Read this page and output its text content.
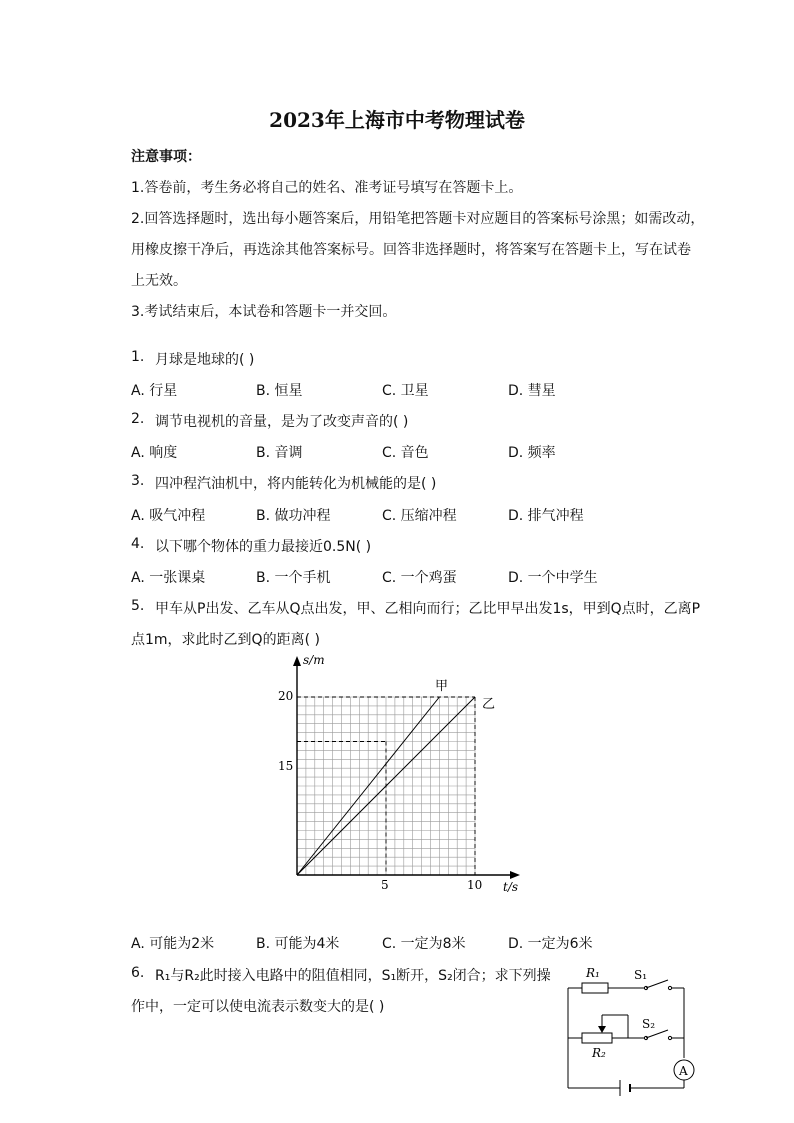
2023年上海市中考物理试卷
注意事项：
1.答卷前，考生务必将自己的姓名、准考证号填写在答题卡上。
2.回答选择题时，选出每小题答案后，用铅笔把答题卡对应题目的答案标号涂黑；如需改动，
用橡皮擦干净后，再选涂其他答案标号。回答非选择题时，将答案写在答题卡上，写在试卷
上无效。
3.考试结束后，本试卷和答题卡一并交回。
1. 月球是地球的( )
A. 行星	B. 恒星	C. 卫星	D. 彗星
2. 调节电视机的音量，是为了改变声音的( )
A. 响度	B. 音调	C. 音色	D. 频率
3. 四冲程汽油机中，将内能转化为机械能的是( )
A. 吸气冲程	B. 做功冲程	C. 压缩冲程	D. 排气冲程
4. 以下哪个物体的重力最接近0.5N( )
A. 一张课桌	B. 一个手机	C. 一个鸡蛋	D. 一个中学生
5. 甲车从P出发、乙车从Q点出发，甲、乙相向而行；乙比甲早出发1s，甲到Q点时，乙离P
点1m，求此时乙到Q的距离( )
s/m
t/s
15
20
5	10
甲
乙
A. 可能为2米	B. 可能为4米	C. 一定为8米	D. 一定为6米
6. R₁与R₂此时接入电路中的阻值相同，S₁断开，S₂闭合；求下列操
作中，一定可以使电流表示数变大的是( )
R₁	S₁
S₂
R₂
A
